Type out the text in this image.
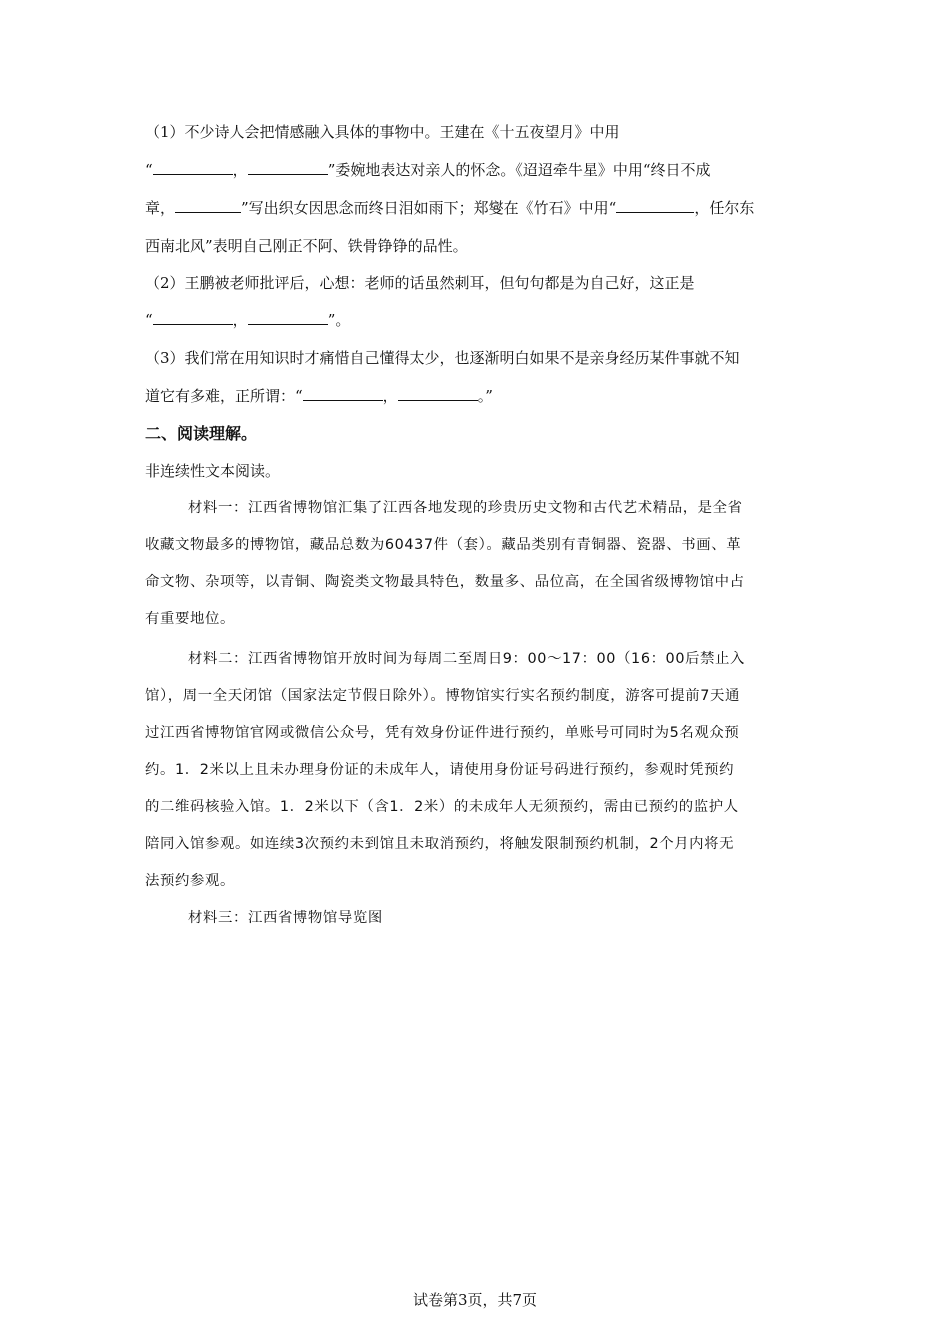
（1）不少诗人会把情感融入具体的事物中。王建在《十五夜望月》中用
“	，	”委婉地表达对亲人的怀念。《迢迢牵牛星》中用“终日不成
章，	”写出织女因思念而终日泪如雨下；郑燮在《竹石》中用“	，任尔东
西南北风”表明自己刚正不阿、铁骨铮铮的品性。
（2）王鹏被老师批评后，心想：老师的话虽然刺耳，但句句都是为自己好，这正是
“	，	”。
（3）我们常在用知识时才痛惜自己懂得太少，也逐渐明白如果不是亲身经历某件事就不知
道它有多难，正所谓：“	，	。”
二、阅读理解。
非连续性文本阅读。
材料一：江西省博物馆汇集了江西各地发现的珍贵历史文物和古代艺术精品，是全省
收藏文物最多的博物馆，藏品总数为60437件（套）。藏品类别有青铜器、瓷器、书画、革
命文物、杂项等，以青铜、陶瓷类文物最具特色，数量多、品位高，在全国省级博物馆中占
有重要地位。
材料二：江西省博物馆开放时间为每周二至周日9：00～17：00（16：00后禁止入
馆），周一全天闭馆（国家法定节假日除外）。博物馆实行实名预约制度，游客可提前7天通
过江西省博物馆官网或微信公众号，凭有效身份证件进行预约，单账号可同时为5名观众预
约。1．2米以上且未办理身份证的未成年人，请使用身份证号码进行预约，参观时凭预约
的二维码核验入馆。1．2米以下（含1．2米）的未成年人无须预约，需由已预约的监护人
陪同入馆参观。如连续3次预约未到馆且未取消预约，将触发限制预约机制，2个月内将无
法预约参观。
材料三：江西省博物馆导览图
试卷第3页，共7页
